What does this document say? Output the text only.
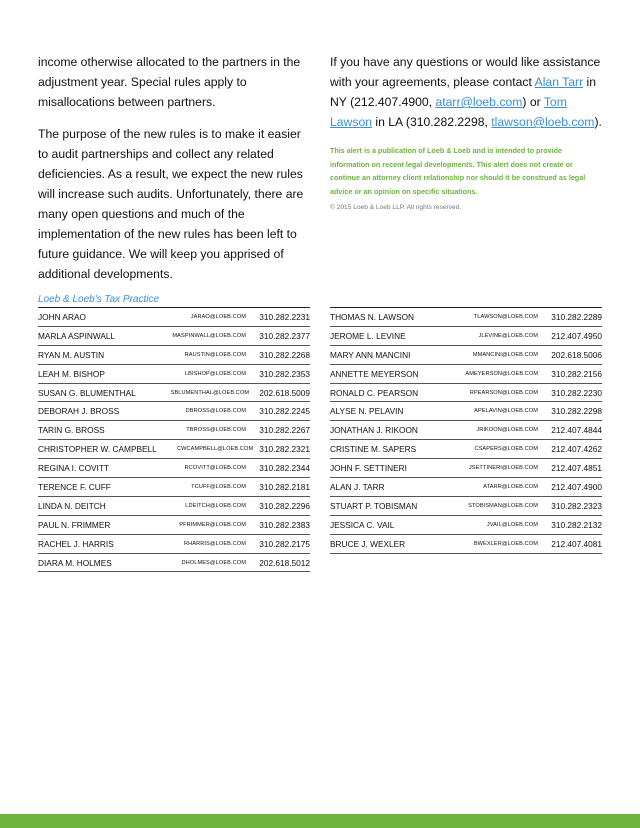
income otherwise allocated to the partners in the adjustment year. Special rules apply to misallocations between partners.

The purpose of the new rules is to make it easier to audit partnerships and collect any related deficiencies. As a result, we expect the new rules will increase such audits. Unfortunately, there are many open questions and much of the implementation of the new rules has been left to future guidance. We will keep you apprised of additional developments.

If you have any questions or would like assistance with your agreements, please contact Alan Tarr in NY (212.407.4900, atarr@loeb.com) or Tom Lawson in LA (310.282.2298, tlawson@loeb.com).

This alert is a publication of Loeb & Loeb and is intended to provide information on recent legal developments. This alert does not create or continue an attorney client relationship nor should it be construed as legal advice or an opinion on specific situations.
© 2015 Loeb & Loeb LLP. All rights reserved.
Loeb & Loeb's Tax Practice
JOHN ARAO	JARAO@LOEB.COM	310.282.2231
MARLA ASPINWALL	MASPINWALL@LOEB.COM	310.282.2377
RYAN M. AUSTIN	RAUSTIN@LOEB.COM	310.282.2268
LEAH M. BISHOP	LBISHOP@LOEB.COM	310.282.2353
SUSAN G. BLUMENTHAL	SBLUMENTHAL@LOEB.COM	202.618.5009
DEBORAH J. BROSS	DBROSS@LOEB.COM	310.282.2245
TARIN G. BROSS	TBROSS@LOEB.COM	310.282.2267
CHRISTOPHER W. CAMPBELL	CWCAMPBELL@LOEB.COM 310.282.2321
REGINA I. COVITT	RCOVITT@LOEB.COM	310.282.2344
TERENCE F. CUFF	TCUFF@LOEB.COM	310.282.2181
LINDA N. DEITCH	LDEITCH@LOEB.COM	310.282.2296
PAUL N. FRIMMER	PFRIMMER@LOEB.COM	310.282.2383
RACHEL J. HARRIS	RHARRIS@LOEB.COM	310.282.2175
DIARA M. HOLMES	DHOLMES@LOEB.COM	202.618.5012
THOMAS N. LAWSON	TLAWSON@LOEB.COM	310.282.2289
JEROME L. LEVINE	JLEVINE@LOEB.COM	212.407.4950
MARY ANN MANCINI	MMANCINI@LOEB.COM	202.618.5006
ANNETTE MEYERSON	AMEYERSON@LOEB.COM	310.282.2156
RONALD C. PEARSON	RPEARSON@LOEB.COM	310.282.2230
ALYSE N. PELAVIN	APELAVIN@LOEB.COM	310.282.2298
JONATHAN J. RIKOON	JRIKOON@LOEB.COM	212.407.4844
CRISTINE M. SAPERS	CSAPERS@LOEB.COM	212.407.4262
JOHN F. SETTINERI	JSETTINERI@LOEB.COM	212.407.4851
ALAN J. TARR	ATARR@LOEB.COM	212.407.4900
STUART P. TOBISMAN	STOBISMAN@LOEB.COM	310.282.2323
JESSICA C. VAIL	JVAIL@LOEB.COM	310.282.2132
BRUCE J. WEXLER	BWEXLER@LOEB.COM	212.407.4081
